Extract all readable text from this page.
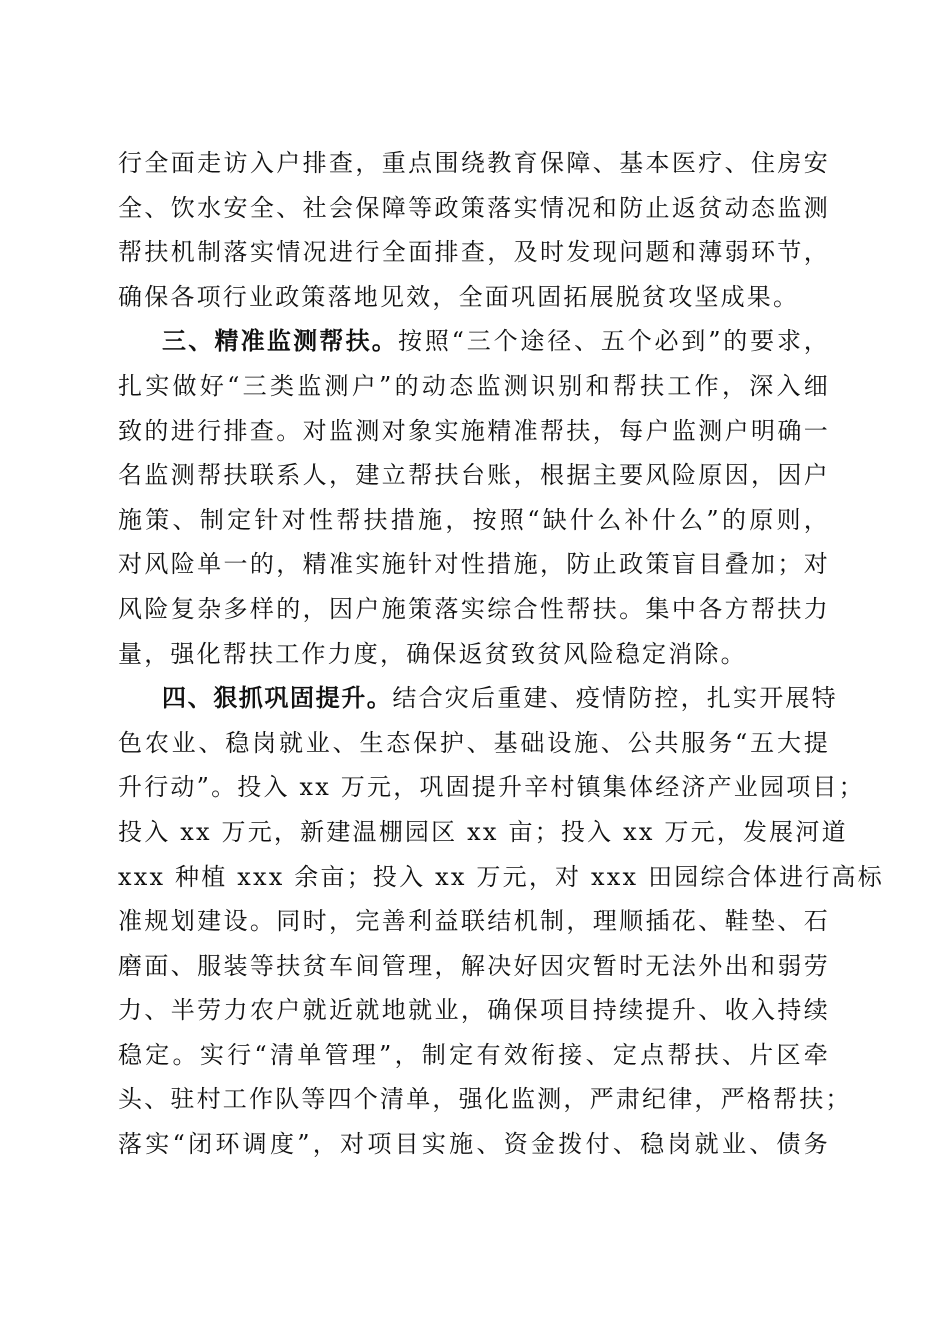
行全面走访入户排查，重点围绕教育保障、基本医疗、住房安
全、饮水安全、社会保障等政策落实情况和防止返贫动态监测
帮扶机制落实情况进行全面排查，及时发现问题和薄弱环节，
确保各项行业政策落地见效，全面巩固拓展脱贫攻坚成果。
三、精准监测帮扶。按照“三个途径、五个必到”的要求，
扎实做好“三类监测户”的动态监测识别和帮扶工作，深入细
致的进行排查。对监测对象实施精准帮扶，每户监测户明确一
名监测帮扶联系人，建立帮扶台账，根据主要风险原因，因户
施策、制定针对性帮扶措施，按照“缺什么补什么”的原则，
对风险单一的，精准实施针对性措施，防止政策盲目叠加；对
风险复杂多样的，因户施策落实综合性帮扶。集中各方帮扶力
量，强化帮扶工作力度，确保返贫致贫风险稳定消除。
四、狠抓巩固提升。结合灾后重建、疫情防控，扎实开展特
色农业、稳岗就业、生态保护、基础设施、公共服务“五大提
升行动”。投入 xx 万元，巩固提升辛村镇集体经济产业园项目；
投入 xx 万元，新建温棚园区 xx 亩；投入 xx 万元，发展河道
xxx 种植 xxx 余亩；投入 xx 万元，对 xxx 田园综合体进行高标
准规划建设。同时，完善利益联结机制，理顺插花、鞋垫、石
磨面、服装等扶贫车间管理，解决好因灾暂时无法外出和弱劳
力、半劳力农户就近就地就业，确保项目持续提升、收入持续
稳定。实行“清单管理”，制定有效衔接、定点帮扶、片区牵
头、驻村工作队等四个清单，强化监测，严肃纪律，严格帮扶；
落实“闭环调度”，对项目实施、资金拨付、稳岗就业、债务
